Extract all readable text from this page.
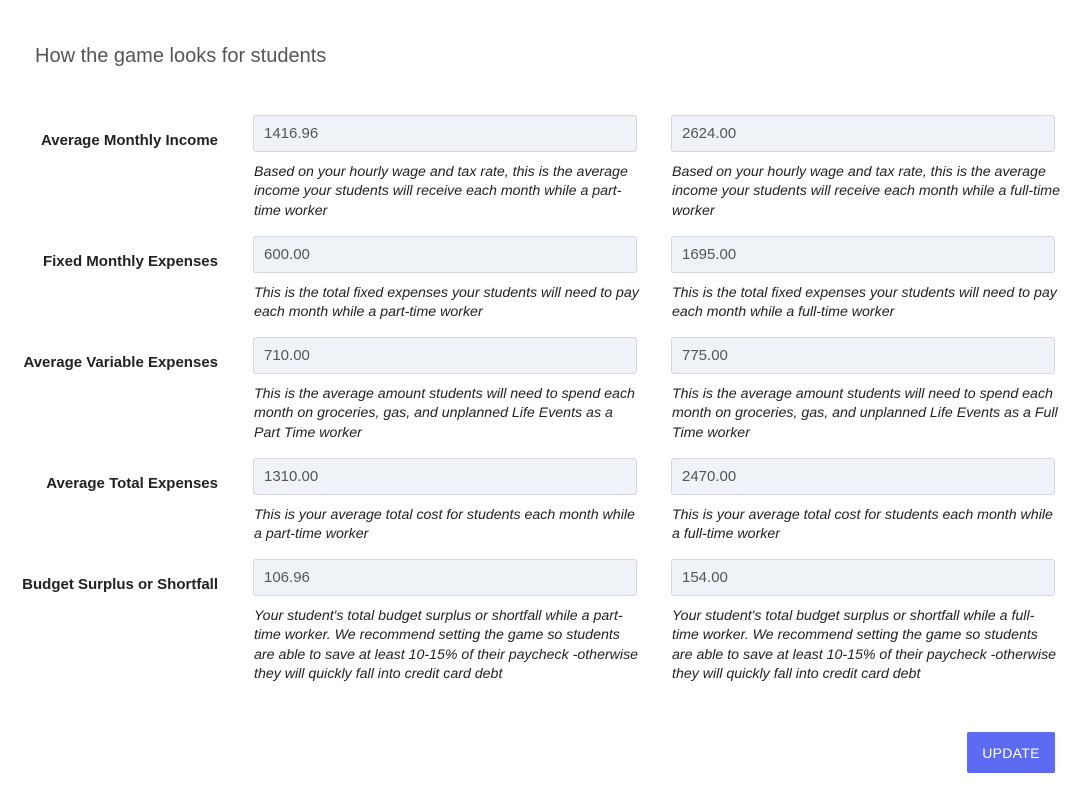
How the game looks for students
Average Monthly Income
1416.96
2624.00
Based on your hourly wage and tax rate, this is the average income your students will receive each month while a part-time worker
Based on your hourly wage and tax rate, this is the average income your students will receive each month while a full-time worker
Fixed Monthly Expenses
600.00
1695.00
This is the total fixed expenses your students will need to pay each month while a part-time worker
This is the total fixed expenses your students will need to pay each month while a full-time worker
Average Variable Expenses
710.00
775.00
This is the average amount students will need to spend each month on groceries, gas, and unplanned Life Events as a Part Time worker
This is the average amount students will need to spend each month on groceries, gas, and unplanned Life Events as a Full Time worker
Average Total Expenses
1310.00
2470.00
This is your average total cost for students each month while a part-time worker
This is your average total cost for students each month while a full-time worker
Budget Surplus or Shortfall
106.96
154.00
Your student's total budget surplus or shortfall while a part-time worker. We recommend setting the game so students are able to save at least 10-15% of their paycheck -otherwise they will quickly fall into credit card debt
Your student's total budget surplus or shortfall while a full-time worker. We recommend setting the game so students are able to save at least 10-15% of their paycheck -otherwise they will quickly fall into credit card debt
UPDATE
